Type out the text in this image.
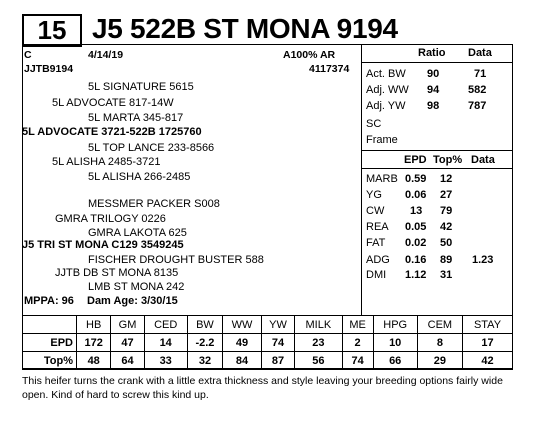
15 J5 522B ST MONA 9194
C	4/14/19
JJTB9194
A100% AR
4117374
5L SIGNATURE 5615
5L ADVOCATE 817-14W
5L MARTA 345-817
5L ADVOCATE 3721-522B 1725760
5L TOP LANCE 233-8566
5L ALISHA 2485-3721
5L ALISHA 266-2485
MESSMER PACKER S008
GMRA TRILOGY 0226
GMRA LAKOTA 625
J5 TRI ST MONA C129 3549245
FISCHER DROUGHT BUSTER 588
JJTB DB ST MONA 8135
LMB ST MONA 242
MPPA: 96 Dam Age: 3/30/15
Ratio Data
Act. BW 90	71
Adj. WW 94	582
Adj. YW 98	787
SC
Frame
EPD Top% Data
MARB 0.59 12
YG 0.06 27
CW 13 79
REA 0.05 42
FAT 0.02 50
ADG 0.16 89 1.23
DMI 1.12 31
	HB	GM	CED	BW	WW	YW	MILK	ME	HPG	CEM	STAY
EPD	172	47	14	-2.2	49	74	23	2	10	8	17
Top%	48	64	33	32	84	87	56	74	66	29	42
This heifer turns the crank with a little extra thickness and style leaving your breeding options fairly wide open. Kind of hard to screw this kind up.
